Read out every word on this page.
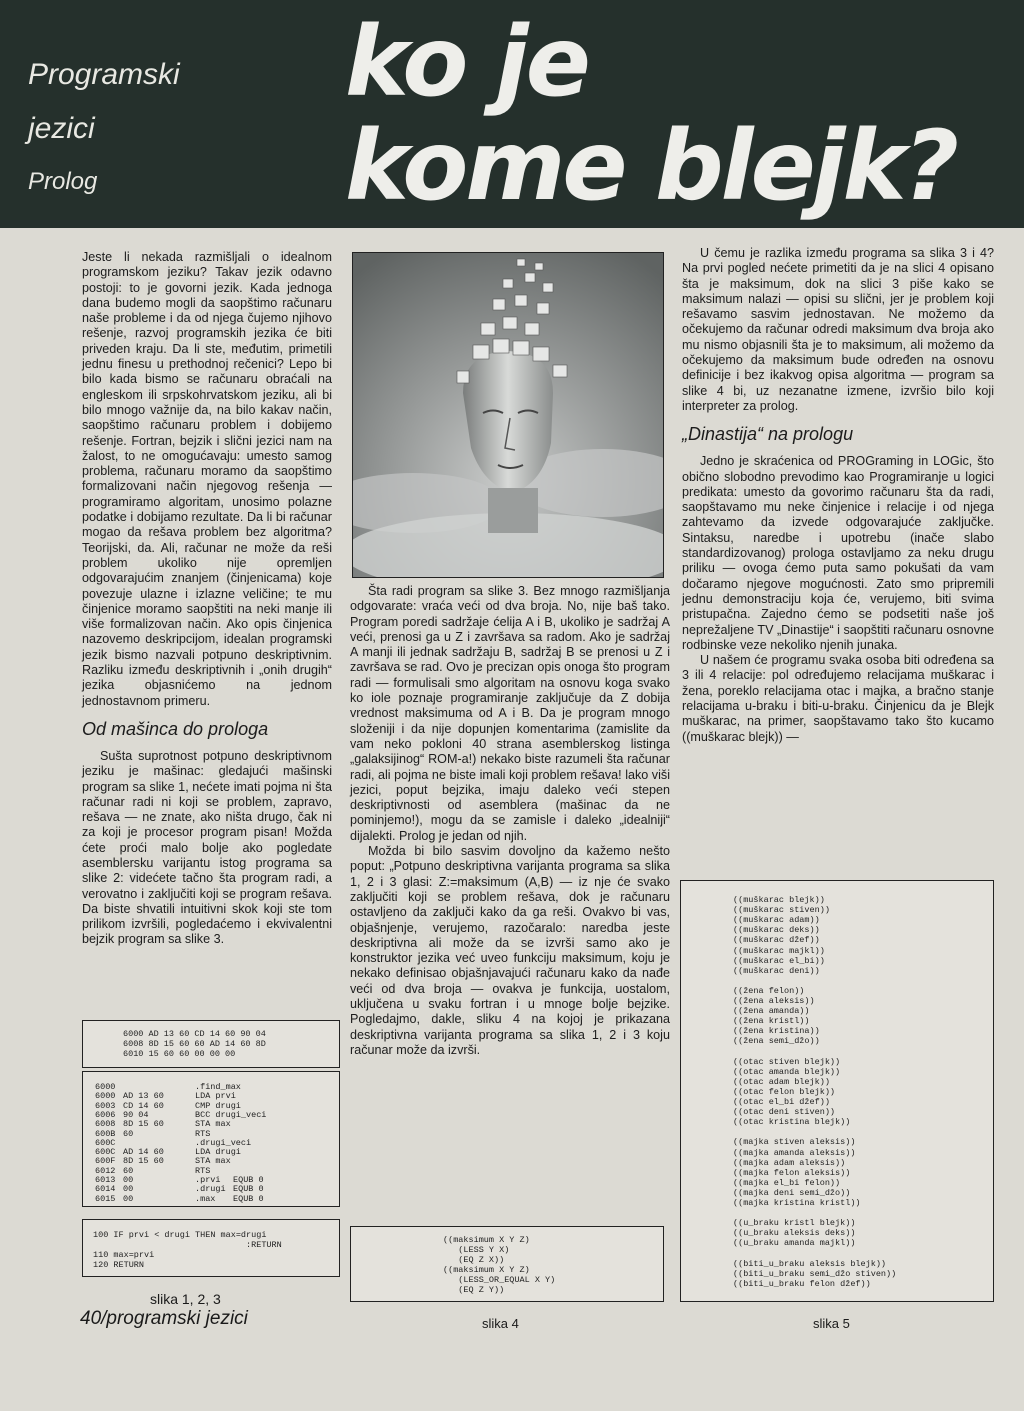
Programski
jezici
Prolog
ko je
kome blejk?

Jeste li nekada razmišljali o idealnom programskom jeziku? Takav jezik odavno postoji: to je govorni jezik. Kada jednoga dana budemo mogli da saopštimo računaru naše probleme i da od njega čujemo njihovo rešenje, razvoj programskih jezika će biti priveden kraju. Da li ste, međutim, primetili jednu finesu u prethodnoj rečenici? Lepo bi bilo kada bismo se računaru obraćali na engleskom ili srpskohrvatskom jeziku, ali bi bilo mnogo važnije da, na bilo kakav način, saopštimo računaru problem i dobijemo rešenje. Fortran, bejzik i slični jezici nam na žalost, to ne omogućavaju: umesto samog problema, računaru moramo da saopštimo formalizovani način njegovog rešenja — programiramo algoritam, unosimo polazne podatke i dobijamo rezultate. Da li bi računar mogao da rešava problem bez algoritma? Teorijski, da. Ali, računar ne može da reši problem ukoliko nije opremljen odgovarajućim znanjem (činjenicama) koje povezuje ulazne i izlazne veličine; te mu činjenice moramo saopštiti na neki manje ili više formalizovan način. Ako opis činjenica nazovemo deskripcijom, idealan programski jezik bismo nazvali potpuno deskriptivnim. Razliku između deskriptivnih i „onih drugih“ jezika objasnićemo na jednom jednostavnom primeru.

Od mašinca do prologa

Sušta suprotnost potpuno deskriptivnom jeziku je mašinac: gledajući mašinski program sa slike 1, nećete imati pojma ni šta računar radi ni koji se problem, zapravo, rešava — ne znate, ako ništa drugo, čak ni za koji je procesor program pisan! Možda ćete proći malo bolje ako pogledate asemblersku varijantu istog programa sa slike 2: videćete tačno šta program radi, a verovatno i zaključiti koji se program rešava. Da biste shvatili intuitivni skok koji ste tom prilikom izvršili, pogledaćemo i ekvivalentni bejzik program sa slike 3.

Šta radi program sa slike 3. Bez mnogo razmišljanja odgovarate: vraća veći od dva broja. No, nije baš tako. Program poredi sadržaje ćelija A i B, ukoliko je sadržaj A veći, prenosi ga u Z i završava sa radom. Ako je sadržaj A manji ili jednak sadržaju B, sadržaj B se prenosi u Z i završava se rad. Ovo je precizan opis onoga što program radi — formulisali smo algoritam na osnovu koga svako ko iole poznaje programiranje zaključuje da Z dobija vrednost maksimuma od A i B. Da je program mnogo složeniji i da nije dopunjen komentarima (zamislite da vam neko pokloni 40 strana asemblerskog listinga „galaksijinog“ ROM-a!) nekako biste razumeli šta računar radi, ali pojma ne biste imali koji problem rešava! lako viši jezici, poput bejzika, imaju daleko veći stepen deskriptivnosti od asemblera (mašinac da ne pominjemo!), mogu da se zamisle i daleko „idealniji“ dijalekti. Prolog je jedan od njih.

Možda bi bilo sasvim dovoljno da kažemo nešto poput: „Potpuno deskriptivna varijanta programa sa slika 1, 2 i 3 glasi: Z:=maksimum (A,B) — iz nje će svako zaključiti koji se problem rešava, dok je računaru ostavljeno da zaključi kako da ga reši. Ovakvo bi vas, objašnjenje, verujemo, razočaralo: naredba jeste deskriptivna ali može da se izvrši samo ako je konstruktor jezika već uveo funkciju maksimum, koju je nekako definisao objašnjavajući računaru kako da nađe veći od dva broja — ovakva je funkcija, uostalom, uključena u svaku fortran i u mnoge bolje bejzike. Pogledajmo, dakle, sliku 4 na kojoj je prikazana deskriptivna varijanta programa sa slika 1, 2 i 3 koju računar može da izvrši.

U čemu je razlika između programa sa slika 3 i 4? Na prvi pogled nećete primetiti da je na slici 4 opisano šta je maksimum, dok na slici 3 piše kako se maksimum nalazi — opisi su slični, jer je problem koji rešavamo sasvim jednostavan. Ne možemo da očekujemo da računar odredi maksimum dva broja ako mu nismo objasnili šta je to maksimum, ali možemo da očekujemo da maksimum bude određen na osnovu definicije i bez ikakvog opisa algoritma — program sa slike 4 bi, uz nezanatne izmene, izvršio bilo koji interpreter za prolog.

„Dinastija“ na prologu

Jedno je skraćenica od PROGraming in LOGic, što obično slobodno prevodimo kao Programiranje u logici predikata: umesto da govorimo računaru šta da radi, saopštavamo mu neke činjenice i relacije i od njega zahtevamo da izvede odgovarajuće zaključke. Sintaksu, naredbe i upotrebu (inače slabo standardizovanog) prologa ostavljamo za neku drugu priliku — ovoga ćemo puta samo pokušati da vam dočaramo njegove mogućnosti. Zato smo pripremili jednu demonstraciju koja će, verujemo, biti svima pristupačna. Zajedno ćemo se podsetiti naše još neprežaljene TV „Dinastije“ i saopštiti računaru osnovne rodbinske veze nekoliko njenih junaka.

U našem će programu svaka osoba biti određena sa 3 ili 4 relacije: pol određujemo relacijama muškarac i žena, poreklo relacijama otac i majka, a bračno stanje relacijama u-braku i biti-u-braku. Činjenicu da je Blejk muškarac, na primer, saopštavamo tako što kucamo ((muškarac blejk)) —

6000 AD 13 60 CD 14 60 90 04

6008 8D 15 60 60 AD 14 60 8D

6010 15 60 60 00 00 00

6000	.find_max
6000 AD 13 60	LDA prvi
6003 CD 14 60	CMP drugi
6006 90 04	BCC drugi_veci
6008 8D 15 60	STA max
600B 60	RTS
600C	.drugi_veci
600C AD 14 60	LDA drugi
600F 8D 15 60	STA max
6012 60	RTS
6013 00	.prvi EQUB 0
6014 00	.drugi EQUB 0
6015 00	.max EQUB 0

100 IF prvi < drugi THEN max=drugi

:RETURN

110 max=prvi

120 RETURN

((maksimum X Y Z)

(LESS Y X)

(EQ Z X))

((maksimum X Y Z)

(LESS_OR_EQUAL X Y)

(EQ Z Y))

((muškarac blejk))
((muškarac stiven))
((muškarac adam))
((muškarac deks))
((muškarac džef))
((muškarac majkl))
((muškarac el_bi))
((muškarac deni))
((žena felon))
((žena aleksis))
((žena amanda))
((žena kristl))
((žena kristina))
((žena semi_džo))
((otac stiven blejk))
((otac amanda blejk))
((otac adam blejk))
((otac felon blejk))
((otac el_bi džef))
((otac deni stiven))
((otac kristina blejk))
((majka stiven aleksis))
((majka amanda aleksis))
((majka adam aleksis))
((majka felon aleksis))
((majka el_bi felon))
((majka deni semi_džo))
((majka kristina kristl))
((u_braku kristl blejk))
((u_braku aleksis deks))
((u_braku amanda majkl))
((biti_u_braku aleksis blejk))
((biti_u_braku semi_džo stiven))
((biti_u_braku felon džef))
slika 1, 2, 3
slika 4	slika 5
40/programski jezici
